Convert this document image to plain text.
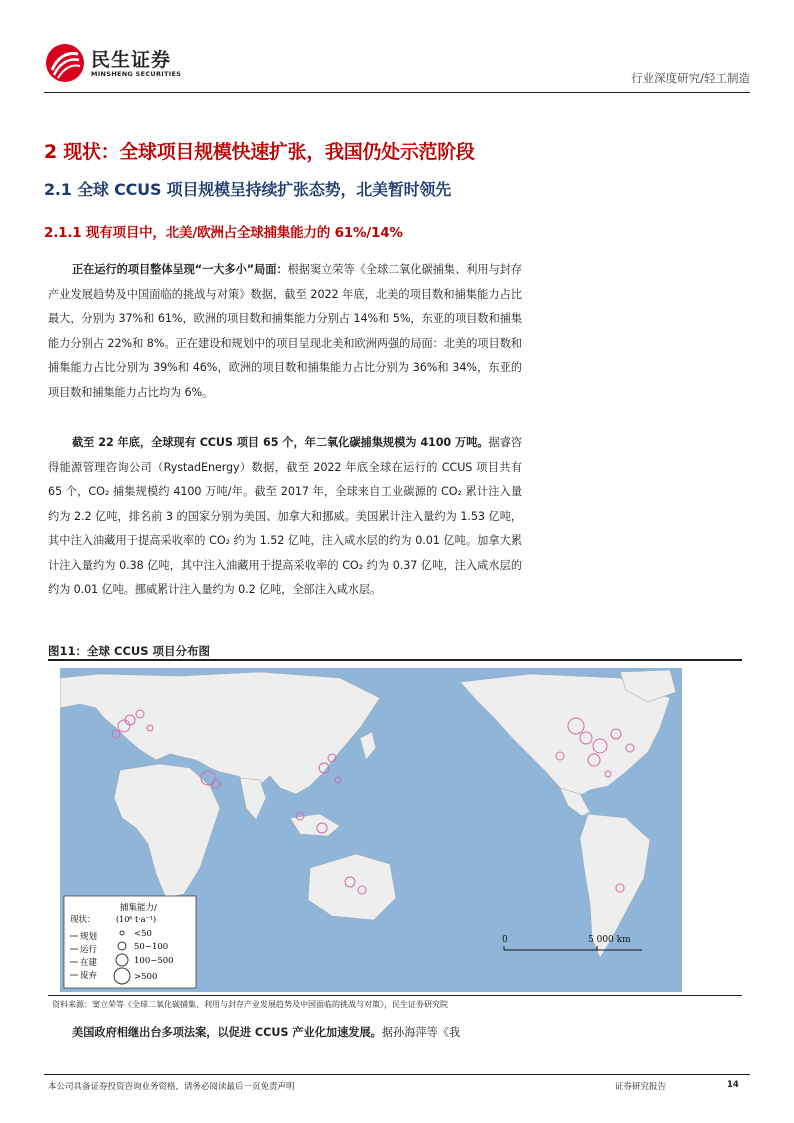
民生证券
MINSHENG SECURITIES	行业深度研究/轻工制造
2 现状：全球项目规模快速扩张，我国仍处示范阶段
2.1 全球 CCUS 项目规模呈持续扩张态势，北美暂时领先
2.1.1 现有项目中，北美/欧洲占全球捕集能力的 61%/14%
正在运行的项目整体呈现“一大多小”局面：根据窦立荣等《全球二氧化碳捕集、利用与封存产业发展趋势及中国面临的挑战与对策》数据，截至 2022 年底，北美的项目数和捕集能力占比最大，分别为 37%和 61%，欧洲的项目数和捕集能力分别占 14%和 5%，东亚的项目数和捕集能力分别占 22%和 8%。正在建设和规划中的项目呈现北美和欧洲两强的局面：北美的项目数和捕集能力占比分别为 39%和 46%，欧洲的项目数和捕集能力占比分别为 36%和 34%，东亚的项目数和捕集能力占比均为 6%。
截至 22 年底，全球现有 CCUS 项目 65 个，年二氧化碳捕集规模为 4100 万吨。据睿咨得能源管理咨询公司（RystadEnergy）数据，截至 2022 年底全球在运行的 CCUS 项目共有 65 个，CO₂ 捕集规模约 4100 万吨/年。截至 2017 年，全球来自工业碳源的 CO₂ 累计注入量约为 2.2 亿吨，排名前 3 的国家分别为美国、加拿大和挪威。美国累计注入量约为 1.53 亿吨，其中注入油藏用于提高采收率的 CO₂ 约为 1.52 亿吨，注入咸水层的约为 0.01 亿吨。加拿大累计注入量约为 0.38 亿吨，其中注入油藏用于提高采收率的 CO₂ 约为 0.37 亿吨，注入咸水层的约为 0.01 亿吨。挪威累计注入量约为 0.2 亿吨，全部注入咸水层。
图11：全球 CCUS 项目分布图
0	5 000 km
捕集能力/
(10⁶ t·a⁻¹)
现状：
规划
运行
在建
废弃
<50
50~100
100~500
>500
资料来源：窦立荣等《全球二氧化碳捕集、利用与封存产业发展趋势及中国面临的挑战与对策》，民生证券研究院
美国政府相继出台多项法案，以促进 CCUS 产业化加速发展。据孙海萍等《我
本公司具备证券投资咨询业务资格，请务必阅读最后一页免责声明	证券研究报告	14
